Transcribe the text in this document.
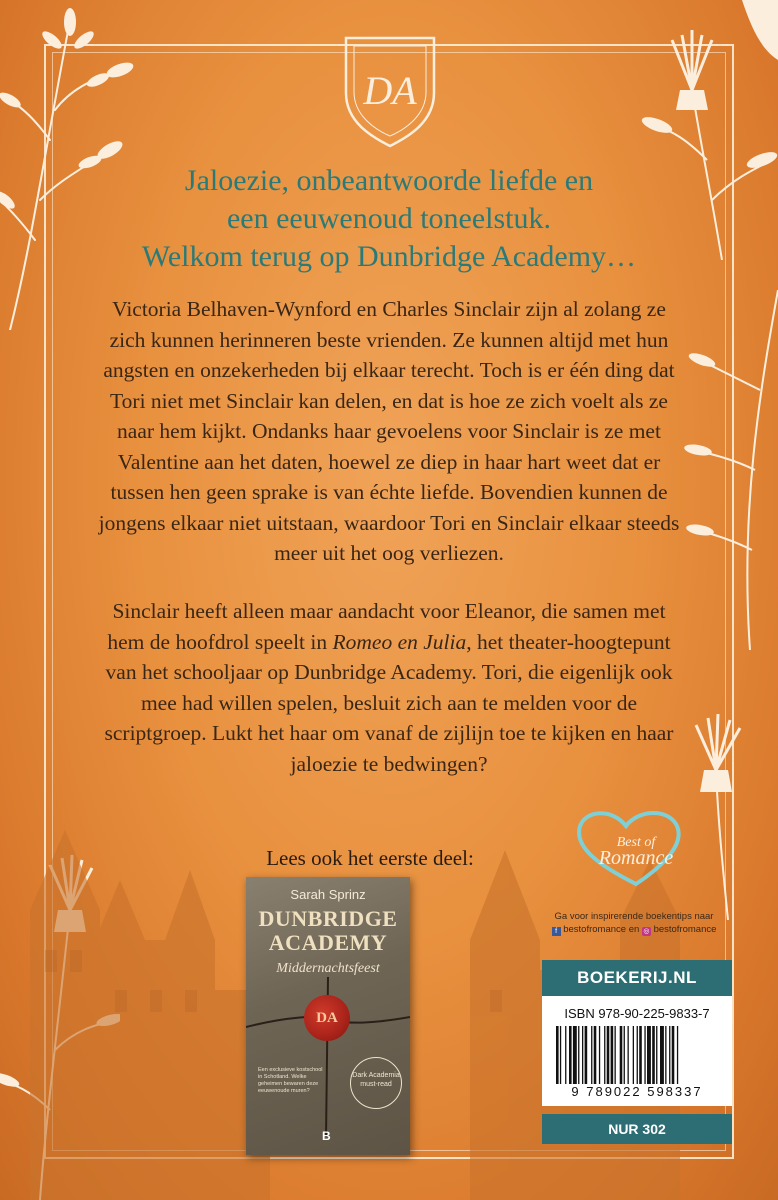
DA
Jaloezie, onbeantwoorde liefde en
een eeuwenoud toneelstuk.
Welkom terug op Dunbridge Academy…
Victoria Belhaven-Wynford en Charles Sinclair zijn al zolang ze zich kunnen herinneren beste vrienden. Ze kunnen altijd met hun angsten en onzekerheden bij elkaar terecht. Toch is er één ding dat Tori niet met Sinclair kan delen, en dat is hoe ze zich voelt als ze naar hem kijkt. Ondanks haar gevoelens voor Sinclair is ze met Valentine aan het daten, hoewel ze diep in haar hart weet dat er tussen hen geen sprake is van échte liefde. Bovendien kunnen de jongens elkaar niet uitstaan, waardoor Tori en Sinclair elkaar steeds meer uit het oog verliezen.
Sinclair heeft alleen maar aandacht voor Eleanor, die samen met hem de hoofdrol speelt in Romeo en Julia, het theater-hoogtepunt van het schooljaar op Dunbridge Academy. Tori, die eigenlijk ook mee had willen spelen, besluit zich aan te melden voor de scriptgroep. Lukt het haar om vanaf de zijlijn toe te kijken en haar jaloezie te bedwingen?
Lees ook het eerste deel:
Sarah Sprinz
DUNBRIDGE
ACADEMY
Middernachtsfeest
DA
Een exclusieve kostschool in Schotland. Welke geheimen bewaren deze eeuwenoude muren?
Dark Academia must-read
B
Best of
Romance
Ga voor inspirerende boekentips naar
f bestofromance en ◎ bestofromance
BOEKERIJ.NL
ISBN 978-90-225-9833-7
9 789022 598337
NUR 302
